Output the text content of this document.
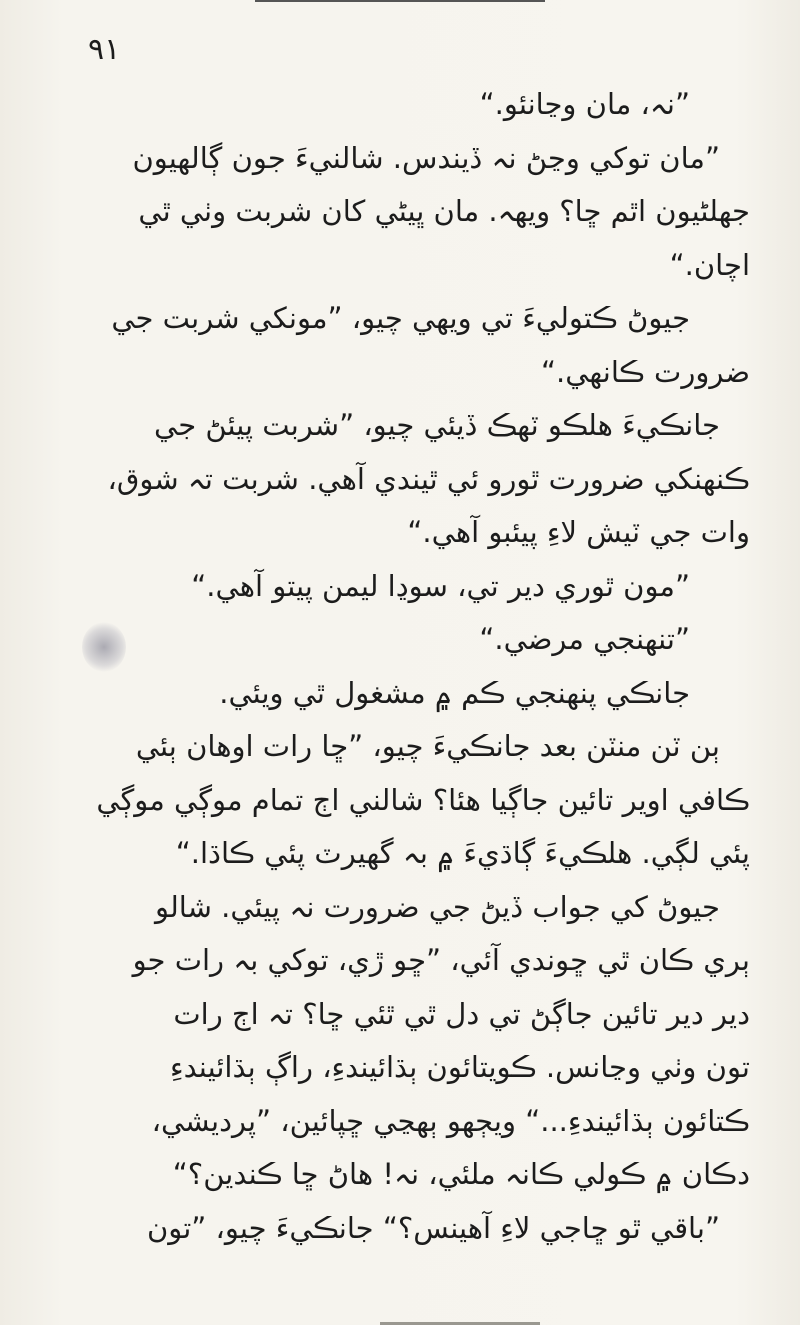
٩١
”نہ، مان وڃانئو.“
”مان توکي وڃڻ نہ ڏيندس. شالنيءَ جون ڳالهيون
جهلڻيون اٿم ڇا؟ ويهہ. مان ڀيڻي کان شربت وٺي ٿي
اچان.“
جيوڻ ڪتوليءَ تي ويهي چيو، ”مونکي شربت جي
ضرورت ڪانهي.“
جانڪيءَ هلڪو ٽهڪ ڏيئي چيو، ”شربت پيئڻ جي
ڪنهنکي ضرورت ٿورو ئي ٿيندي آهي. شربت تہ شوق،
وات جي ٽيش لاءِ پيئبو آهي.“
”مون ٿوري دير تي، سوڍا ليمن پيتو آهي.“
”تنهنجي مرضي.“
جانڪي پنهنجي ڪم ۾ مشغول ٿي ويئي.
ٻن ٽن منٽن بعد جانڪيءَ چيو، ”ڇا رات اوهان ٻئي
ڪافي اوير تائين جاڳيا هئا؟ شالني اڄ تمام موڳي موڳي
پئي لڳي. هلڪيءَ ڳاڌيءَ ۾ بہ گهيرٽ پئي ڪاڌا.“
جيوڻ کي جواب ڏيڻ جي ضرورت نہ پيئي. شالو
ٻري ڪان ٿي ڇوندي آئي، ”ڇو ڙي، توکي بہ رات جو
دير دير تائين جاڳڻ تي دل ٿي ٿئي ڇا؟ تہ اڄ رات
تون وٺي وڃانس. ڪويتائون ٻڌائيندءِ، راڳ ٻڌائيندءِ
ڪتائون ٻڌائيندءِ...“ ويڄهو ٻهڃي ڇپائين، ”پرديشي،
دڪان ۾ ڪولي ڪانہ ملئي، نہ! هاڻ ڇا ڪندين؟“
”باقي ٿو ڇاجي لاءِ آهينس؟“ جانڪيءَ چيو، ”تون
